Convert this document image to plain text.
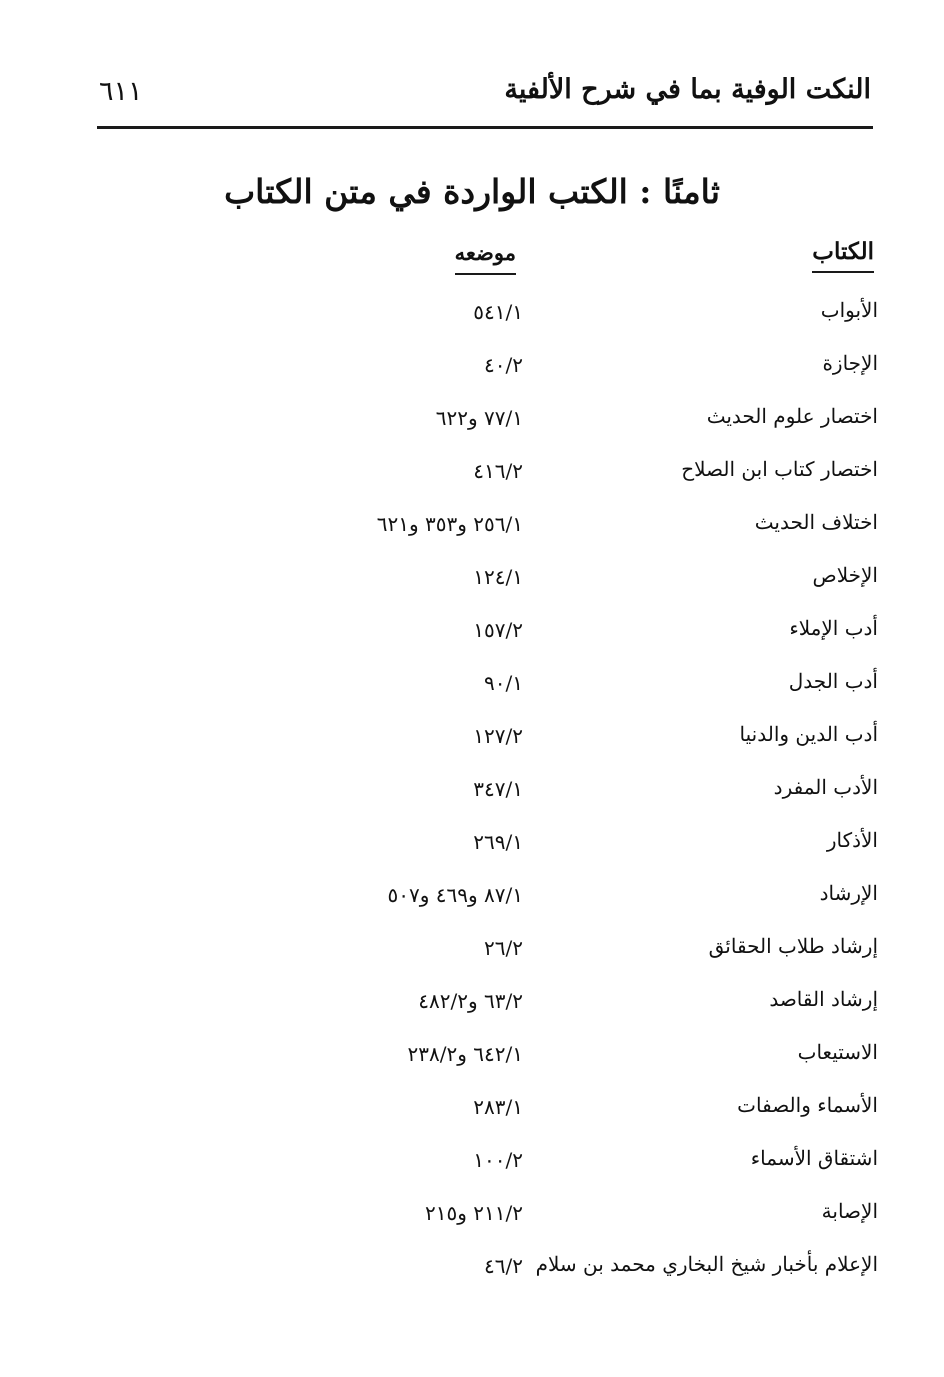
النكت الوفية بما في شرح الألفية
٦١١
ثامنًا : الكتب الواردة في متن الكتاب
الكتاب
موضعه
الأبواب
٥٤١/١
الإجازة
٤٠/٢
اختصار علوم الحديث
٧٧/١ و٦٢٢
اختصار كتاب ابن الصلاح
٤١٦/٢
اختلاف الحديث
٢٥٦/١ و٣٥٣ و٦٢١
الإخلاص
١٢٤/١
أدب الإملاء
١٥٧/٢
أدب الجدل
٩٠/١
أدب الدين والدنيا
١٢٧/٢
الأدب المفرد
٣٤٧/١
الأذكار
٢٦٩/١
الإرشاد
٨٧/١ و٤٦٩ و٥٠٧
إرشاد طلاب الحقائق
٢٦/٢
إرشاد القاصد
٦٣/٢ و٤٨٢/٢
الاستيعاب
٦٤٢/١ و٢٣٨/٢
الأسماء والصفات
٢٨٣/١
اشتقاق الأسماء
١٠٠/٢
الإصابة
٢١١/٢ و٢١٥
الإعلام بأخبار شيخ البخاري محمد بن سلام
٤٦/٢
